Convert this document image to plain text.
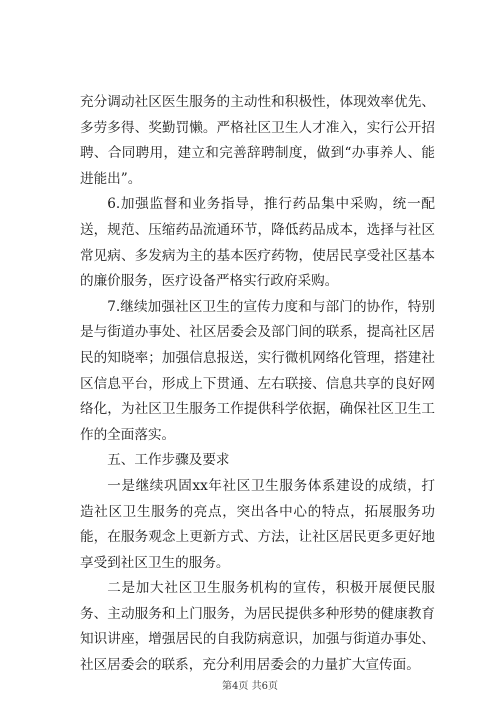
充分调动社区医生服务的主动性和积极性，体现效率优先、多劳多得、奖勤罚懒。严格社区卫生人才准入，实行公开招聘、合同聘用，建立和完善辞聘制度，做到“办事养人、能进能出”。

6.加强监督和业务指导，推行药品集中采购，统一配送，规范、压缩药品流通环节，降低药品成本，选择与社区常见病、多发病为主的基本医疗药物，使居民享受社区基本的廉价服务，医疗设备严格实行政府采购。

7.继续加强社区卫生的宣传力度和与部门的协作，特别是与街道办事处、社区居委会及部门间的联系，提高社区居民的知晓率；加强信息报送，实行微机网络化管理，搭建社区信息平台，形成上下贯通、左右联接、信息共享的良好网络化，为社区卫生服务工作提供科学依据，确保社区卫生工作的全面落实。

五、工作步骤及要求

一是继续巩固xx年社区卫生服务体系建设的成绩，打造社区卫生服务的亮点，突出各中心的特点，拓展服务功能，在服务观念上更新方式、方法，让社区居民更多更好地享受到社区卫生的服务。

二是加大社区卫生服务机构的宣传，积极开展便民服务、主动服务和上门服务，为居民提供多种形势的健康教育知识讲座，增强居民的自我防病意识，加强与街道办事处、社区居委会的联系，充分利用居委会的力量扩大宣传面。

第4页 共6页
